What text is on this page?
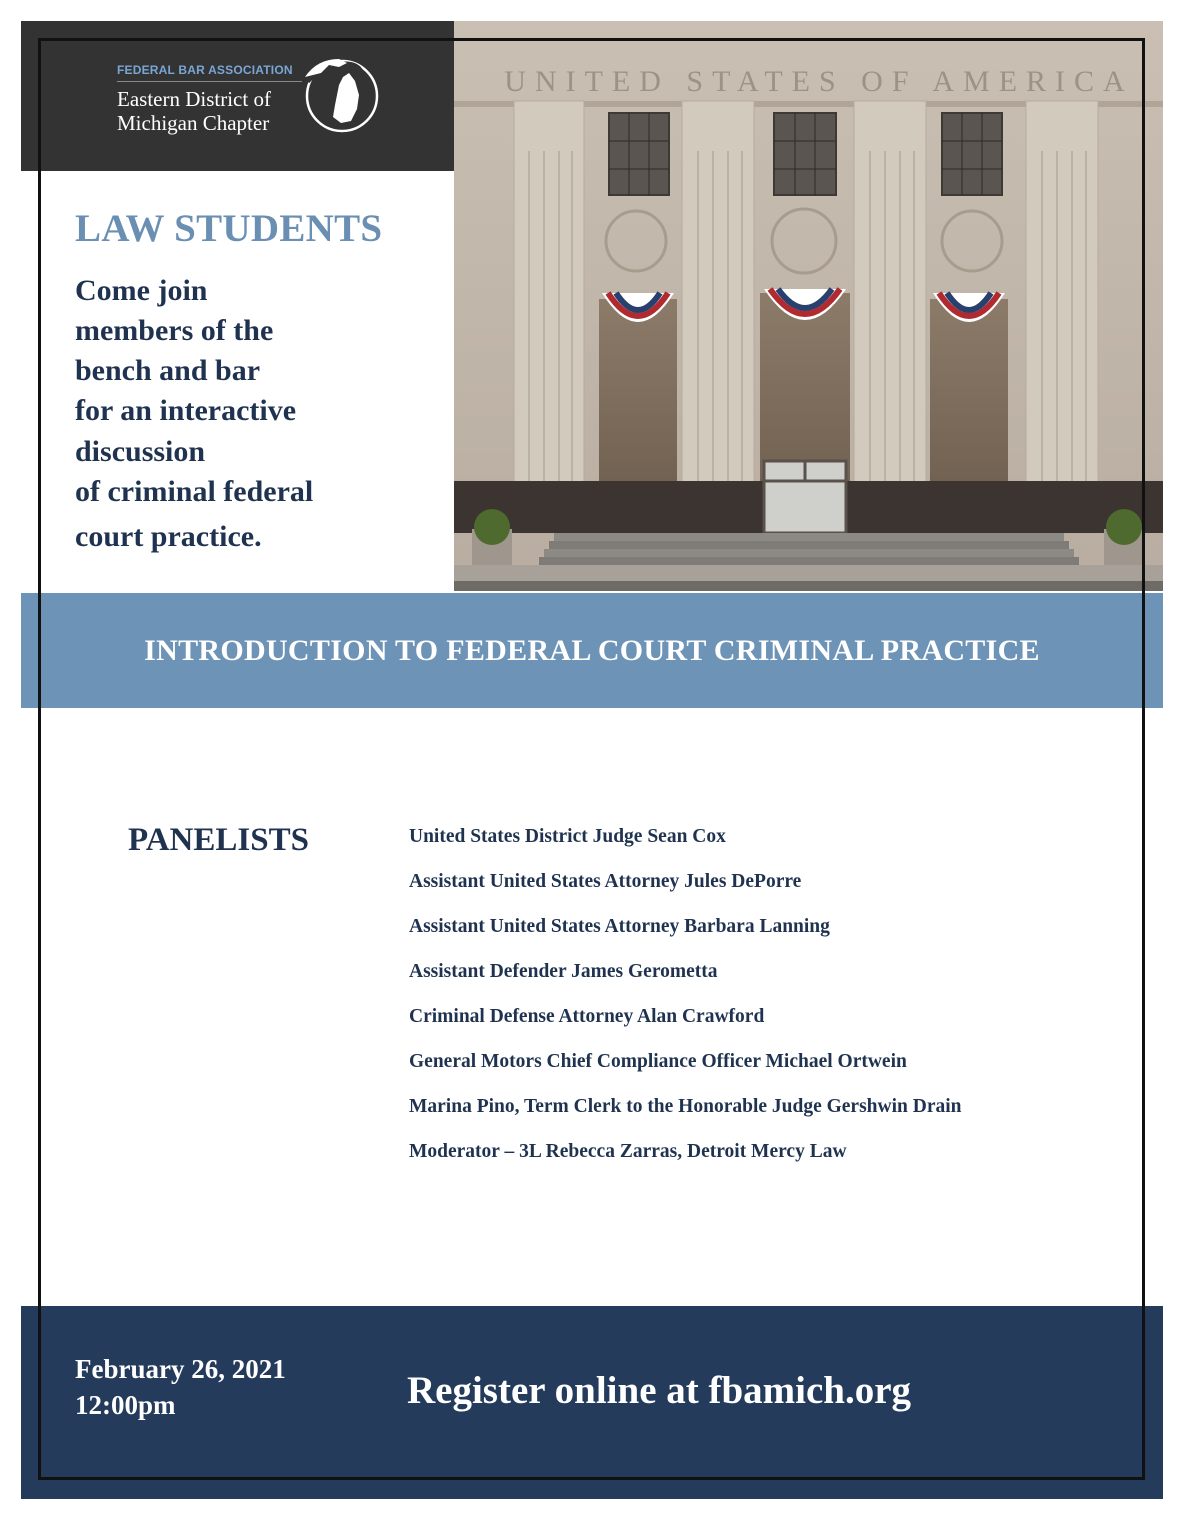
FEDERAL BAR ASSOCIATION
Eastern District of
Michigan Chapter
UNITED STATES OF AMERICA
LAW STUDENTS
Come join
members of the
bench and bar
for an interactive
discussion
of criminal federal
court practice.
INTRODUCTION TO FEDERAL COURT CRIMINAL PRACTICE
PANELISTS	United States District Judge Sean Cox
Assistant United States Attorney Jules DePorre
Assistant United States Attorney Barbara Lanning
Assistant Defender James Gerometta
Criminal Defense Attorney Alan Crawford
General Motors Chief Compliance Officer Michael Ortwein
Marina Pino, Term Clerk to the Honorable Judge Gershwin Drain
Moderator – 3L Rebecca Zarras, Detroit Mercy Law
February 26, 2021
12:00pm	Register online at fbamich.org
